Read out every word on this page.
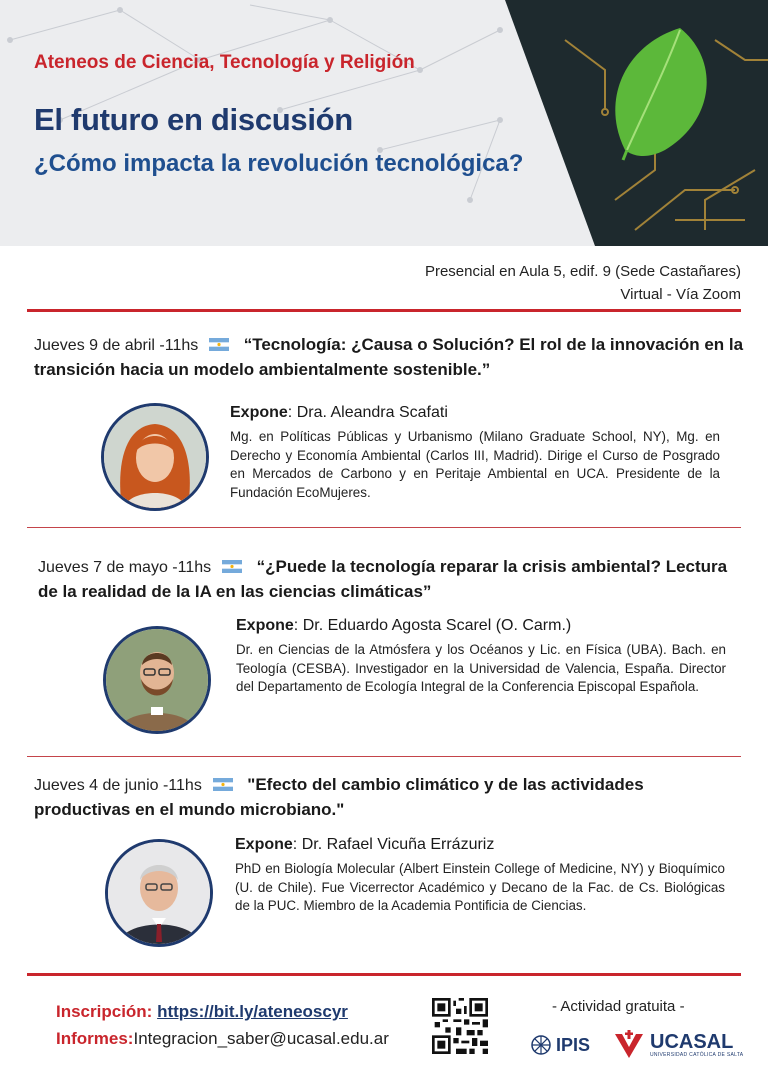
Ateneos de Ciencia, Tecnología y Religión
El futuro en discusión
¿Cómo impacta la revolución tecnológica?
Presencial en Aula 5, edif. 9 (Sede Castañares)
Virtual - Vía Zoom
Jueves 9 de abril -11hs	“Tecnología: ¿Causa o Solución? El rol de la innovación en la transición hacia un modelo ambientalmente sostenible.”
Expone: Dra. Aleandra Scafati
Mg. en Políticas Públicas y Urbanismo (Milano Graduate School, NY), Mg. en Derecho y Economía Ambiental (Carlos III, Madrid). Dirige el Curso de Posgrado en Mercados de Carbono y en Peritaje Ambiental en UCA. Presidente de la Fundación EcoMujeres.
Jueves 7 de mayo -11hs	“¿Puede la tecnología reparar la crisis ambiental? Lectura de la realidad de la IA en las ciencias climáticas”
Expone: Dr. Eduardo Agosta Scarel (O. Carm.)
Dr. en Ciencias de la Atmósfera y los Océanos y Lic. en Física (UBA). Bach. en Teología (CESBA). Investigador en la Universidad de Valencia, España. Director del Departamento de Ecología Integral de la Conferencia Episcopal Española.
Jueves 4 de junio -11hs	"Efecto del cambio climático y de las actividades productivas en el mundo microbiano."
Expone: Dr. Rafael Vicuña Errázuriz
PhD en Biología Molecular (Albert Einstein College of Medicine, NY) y Bioquímico (U. de Chile). Fue Vicerrector Académico y Decano de la Fac. de Cs. Biológicas de la PUC. Miembro de la Academia Pontificia de Ciencias.
Inscripción: https://bit.ly/ateneoscyr
Informes:Integracion_saber@ucasal.edu.ar
- Actividad gratuita -
IPIS	UCASAL
UNIVERSIDAD CATÓLICA DE SALTA
